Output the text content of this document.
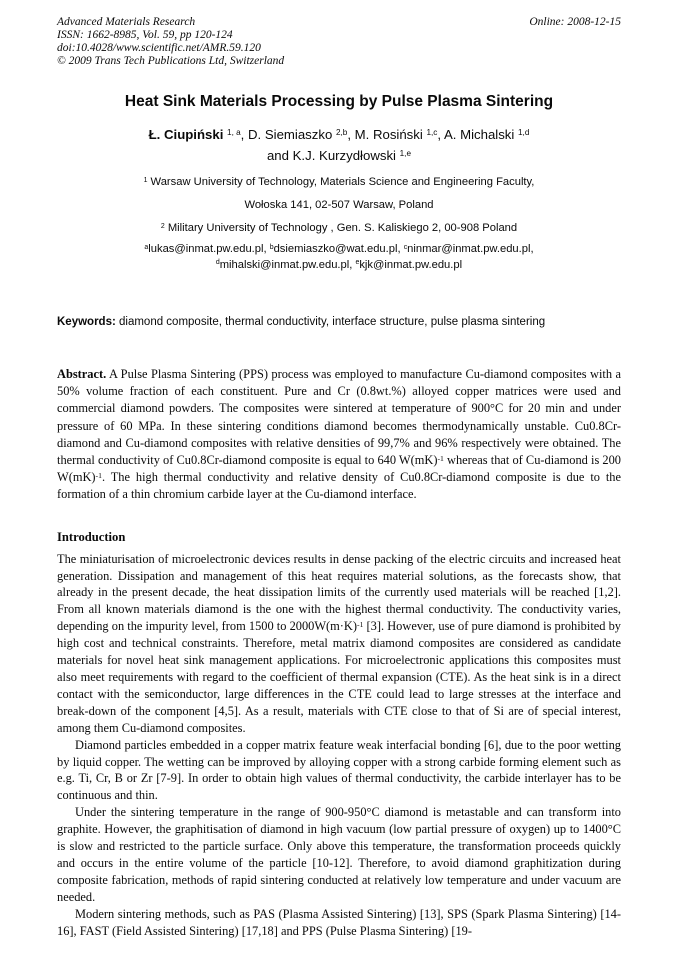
Advanced Materials Research
ISSN: 1662-8985, Vol. 59, pp 120-124
doi:10.4028/www.scientific.net/AMR.59.120
© 2009 Trans Tech Publications Ltd, Switzerland
Online: 2008-12-15
Heat Sink Materials Processing by Pulse Plasma Sintering
Ł. Ciupiński $^{1, a}$, D. Siemiaszko $^{2,b}$, M. Rosiński $^{1,c}$, A. Michalski $^{1,d}$
and K.J. Kurzydłowski $^{1,e}$
$^1$ Warsaw University of Technology, Materials Science and Engineering Faculty,
Wołoska 141, 02-507 Warsaw, Poland
$^2$ Military University of Technology , Gen. S. Kaliskiego 2, 00-908 Poland
$^a$lukas@inmat.pw.edu.pl, $^b$dsiemiaszko@wat.edu.pl, $^c$ninmar@inmat.pw.edu.pl,
$^d$mihalski@inmat.pw.edu.pl, $^e$kjk@inmat.pw.edu.pl
Keywords: diamond composite, thermal conductivity, interface structure, pulse plasma sintering

Abstract. A Pulse Plasma Sintering (PPS) process was employed to manufacture Cu-diamond composites with a 50% volume fraction of each constituent. Pure and Cr (0.8wt.%) alloyed copper matrices were used and commercial diamond powders. The composites were sintered at temperature of 900°C for 20 min and under pressure of 60 MPa. In these sintering conditions diamond becomes thermodynamically unstable. Cu0.8Cr-diamond and Cu-diamond composites with relative densities of 99,7% and 96% respectively were obtained. The thermal conductivity of Cu0.8Cr-diamond composite is equal to 640 W(mK)$^{-1}$ whereas that of Cu-diamond is 200 W(mK)$^{-1}$. The high thermal conductivity and relative density of Cu0.8Cr-diamond composite is due to the formation of a thin chromium carbide layer at the Cu-diamond interface.

Introduction

The miniaturisation of microelectronic devices results in dense packing of the electric circuits and increased heat generation. Dissipation and management of this heat requires material solutions, as the forecasts show, that already in the present decade, the heat dissipation limits of the currently used materials will be reached [1,2]. From all known materials diamond is the one with the highest thermal conductivity. The conductivity varies, depending on the impurity level, from 1500 to $2000W(m\cdot K)^{-1}$ [3]. However, use of pure diamond is prohibited by high cost and technical constraints. Therefore, metal matrix diamond composites are considered as candidate materials for novel heat sink management applications. For microelectronic applications this composites must also meet requirements with regard to the coefficient of thermal expansion (CTE). As the heat sink is in a direct contact with the semiconductor, large differences in the CTE could lead to large stresses at the interface and break-down of the component [4,5]. As a result, materials with CTE close to that of Si are of special interest, among them Cu-diamond composites.

Diamond particles embedded in a copper matrix feature weak interfacial bonding [6], due to the poor wetting by liquid copper. The wetting can be improved by alloying copper with a strong carbide forming element such as e.g. Ti, Cr, B or Zr [7-9]. In order to obtain high values of thermal conductivity, the carbide interlayer has to be continuous and thin.

Under the sintering temperature in the range of 900-950°C diamond is metastable and can transform into graphite. However, the graphitisation of diamond in high vacuum (low partial pressure of oxygen) up to 1400°C is slow and restricted to the particle surface. Only above this temperature, the transformation proceeds quickly and occurs in the entire volume of the particle [10-12]. Therefore, to avoid diamond graphitization during composite fabrication, methods of rapid sintering conducted at relatively low temperature and under vacuum are needed.

Modern sintering methods, such as PAS (Plasma Assisted Sintering) [13], SPS (Spark Plasma Sintering) [14-16], FAST (Field Assisted Sintering) [17,18] and PPS (Pulse Plasma Sintering) [19-
